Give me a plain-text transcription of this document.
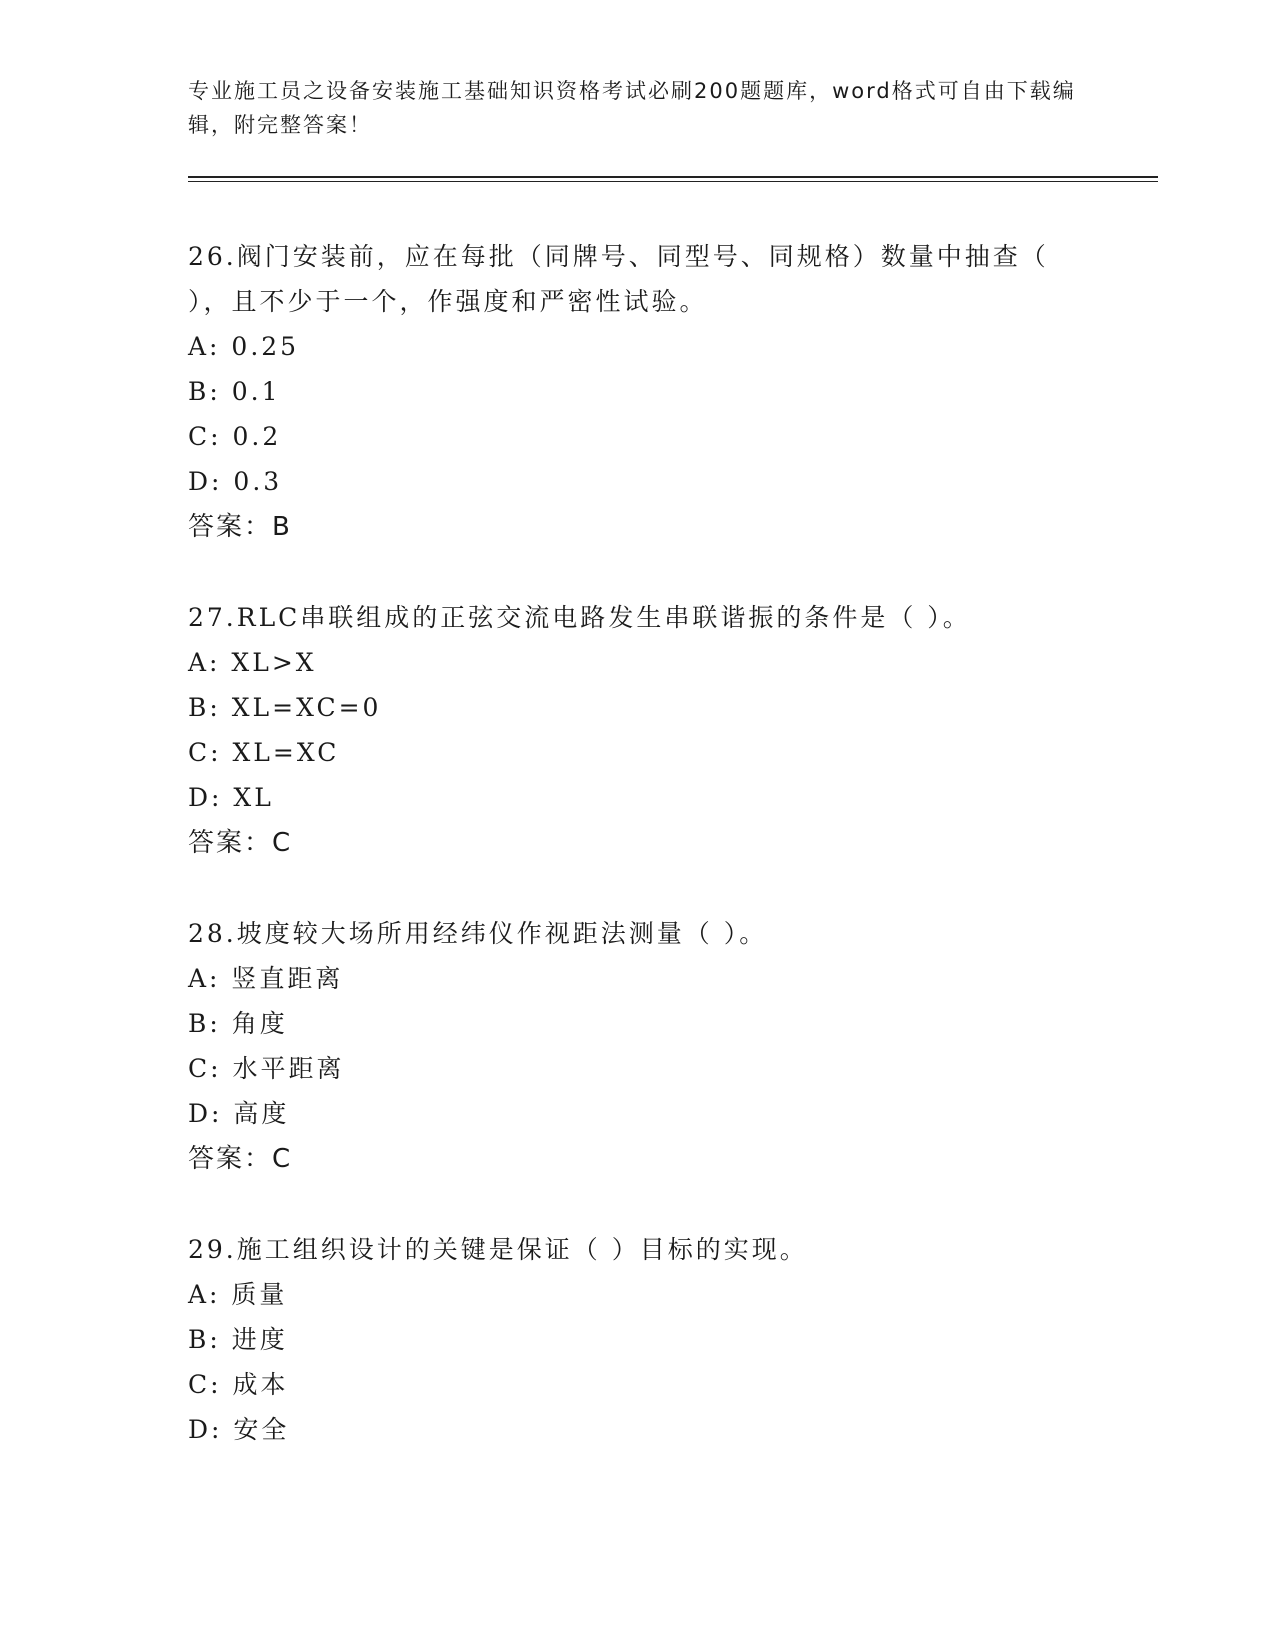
专业施工员之设备安装施工基础知识资格考试必刷200题题库，word格式可自由下载编辑，附完整答案！

26.阀门安装前，应在每批（同牌号、同型号、同规格）数量中抽查（ ），且不少于一个，作强度和严密性试验。

A: 0.25

B: 0.1

C: 0.2

D: 0.3

答案：B

27.RLC串联组成的正弦交流电路发生串联谐振的条件是（ ）。

A: XL>X

B: XL=XC=0

C: XL=XC

D: XL

答案：C

28.坡度较大场所用经纬仪作视距法测量（ ）。

A: 竖直距离

B: 角度

C: 水平距离

D: 高度

答案：C

29.施工组织设计的关键是保证（ ）目标的实现。

A: 质量

B: 进度

C: 成本

D: 安全
